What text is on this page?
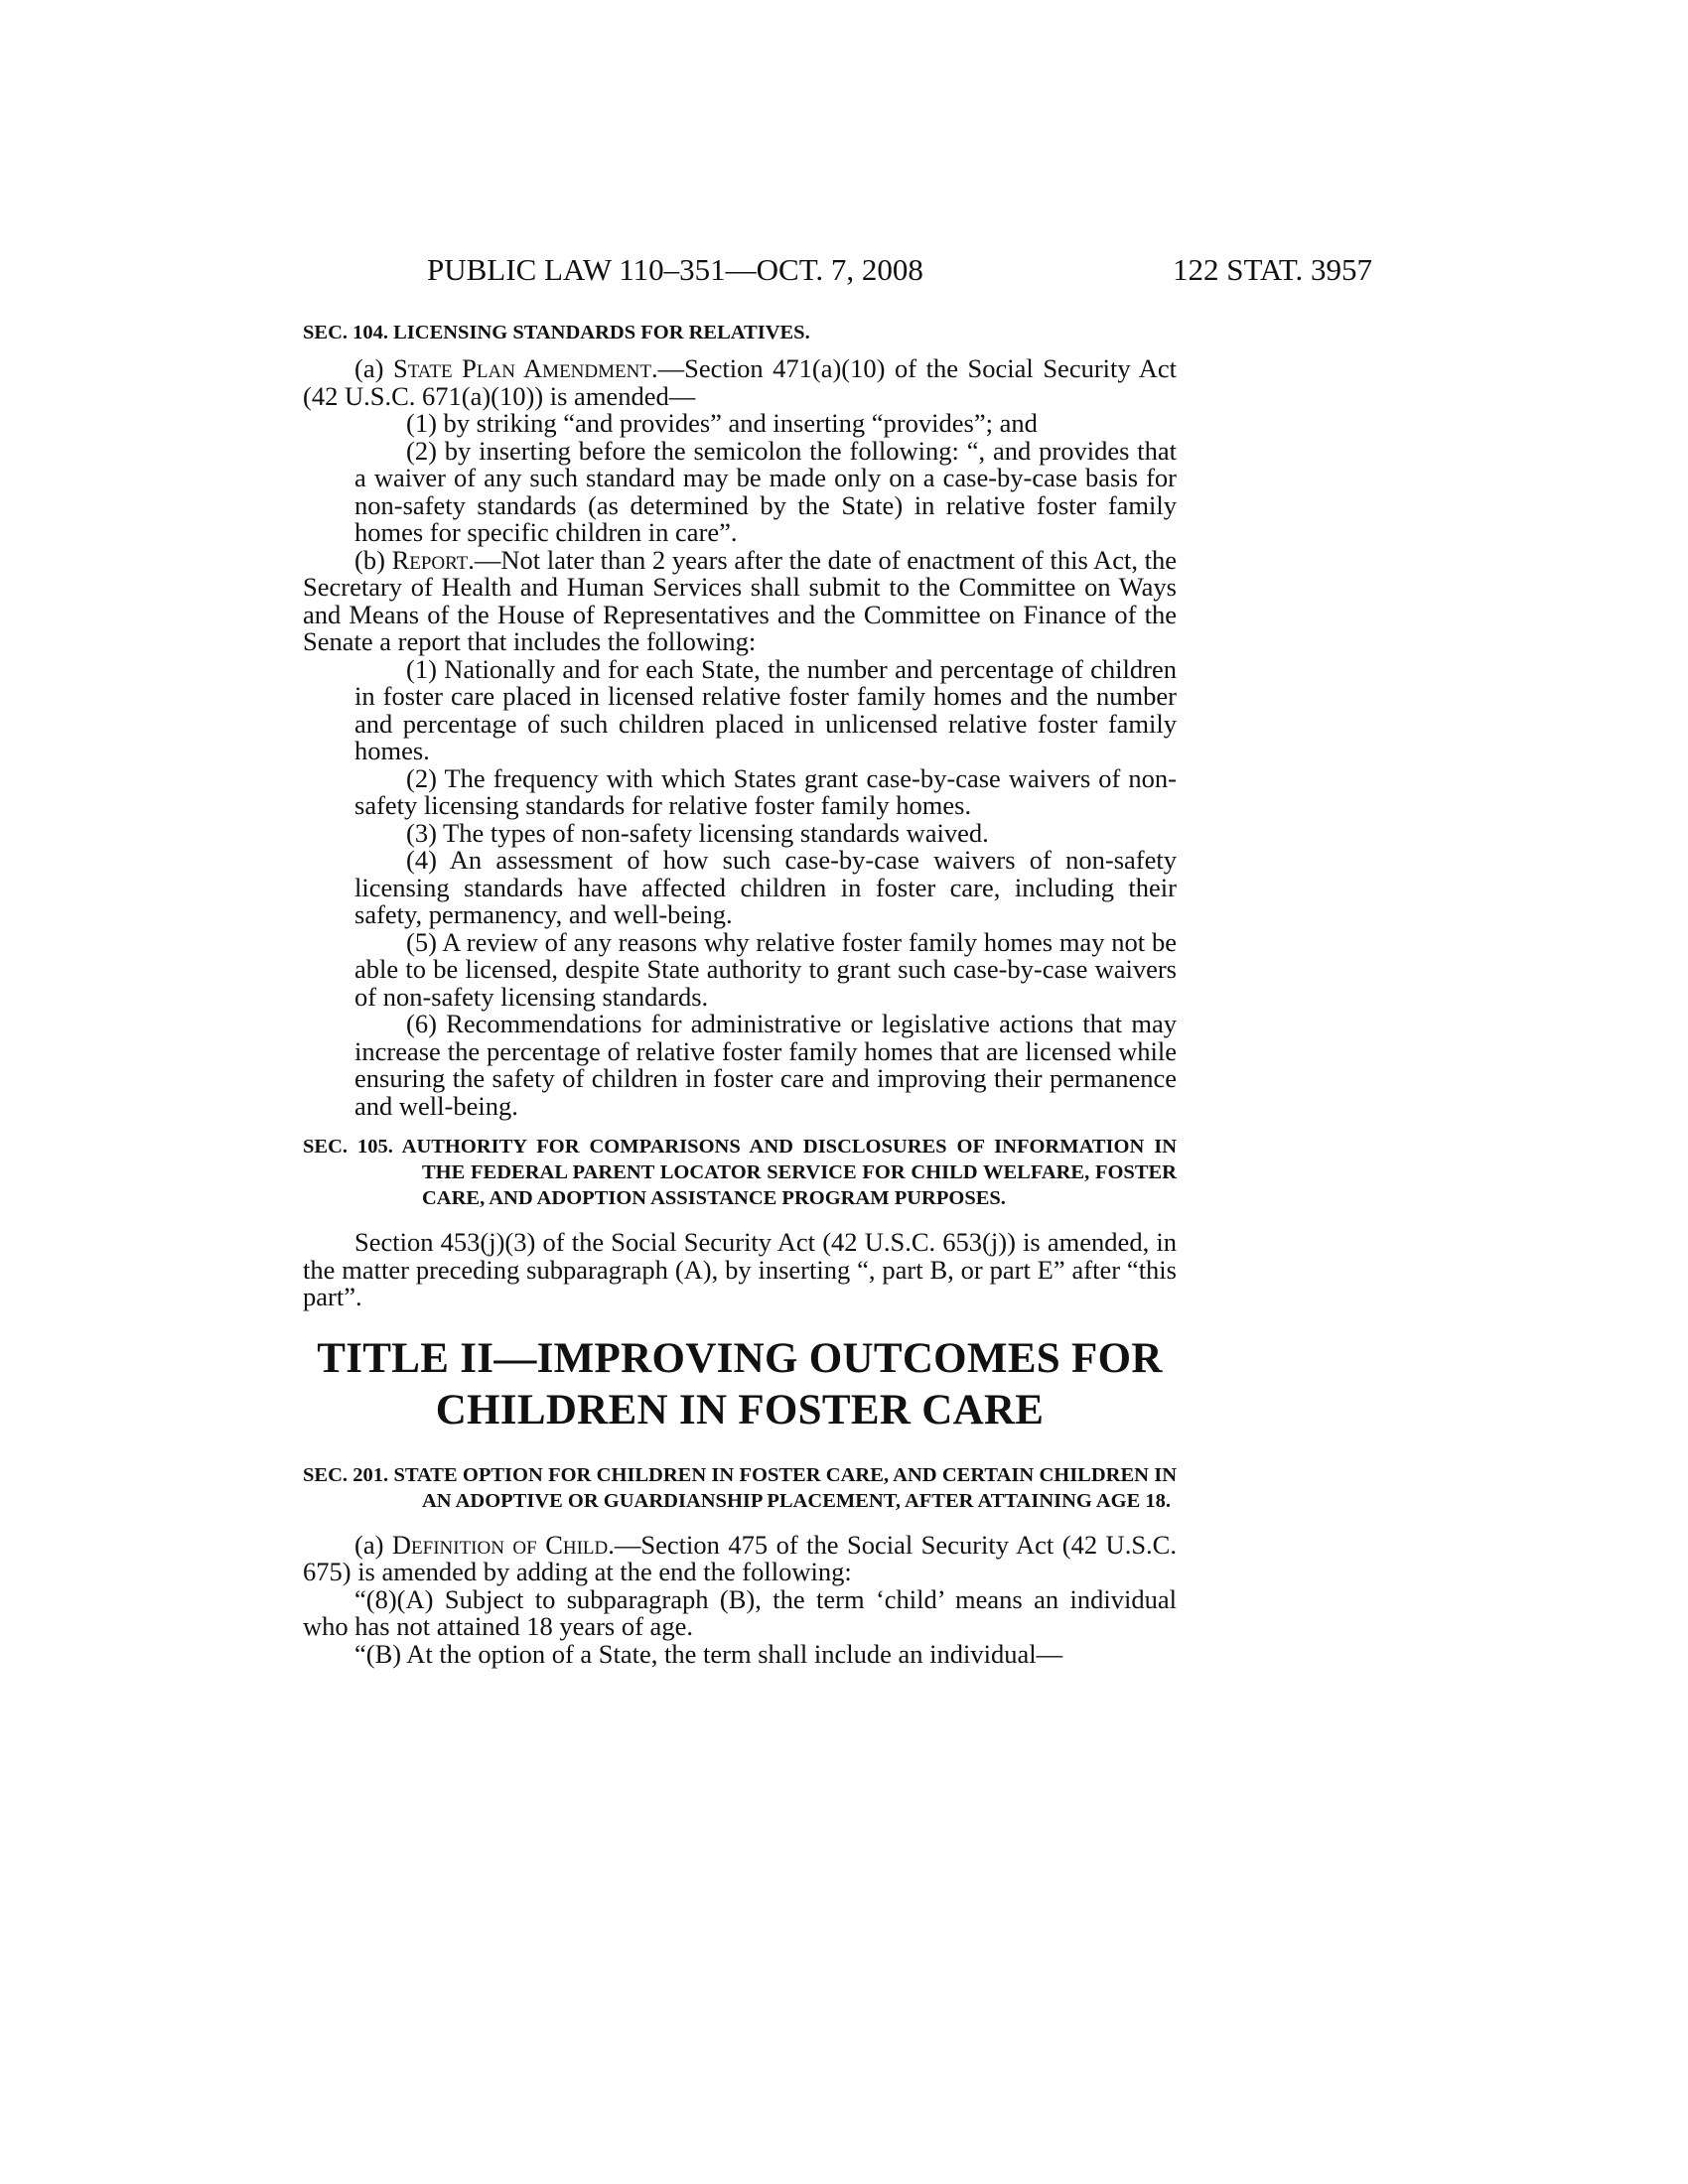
PUBLIC LAW 110–351—OCT. 7, 2008	122 STAT. 3957
SEC. 104. LICENSING STANDARDS FOR RELATIVES.

(a) State Plan Amendment.—Section 471(a)(10) of the Social Security Act (42 U.S.C. 671(a)(10)) is amended—

(1) by striking “and provides” and inserting “provides”; and

(2) by inserting before the semicolon the following: “, and provides that a waiver of any such standard may be made only on a case-by-case basis for non-safety standards (as determined by the State) in relative foster family homes for specific children in care”.

(b) Report.—Not later than 2 years after the date of enactment of this Act, the Secretary of Health and Human Services shall submit to the Committee on Ways and Means of the House of Representatives and the Committee on Finance of the Senate a report that includes the following:

(1) Nationally and for each State, the number and percentage of children in foster care placed in licensed relative foster family homes and the number and percentage of such children placed in unlicensed relative foster family homes.

(2) The frequency with which States grant case-by-case waivers of non-safety licensing standards for relative foster family homes.

(3) The types of non-safety licensing standards waived.

(4) An assessment of how such case-by-case waivers of non-safety licensing standards have affected children in foster care, including their safety, permanency, and well-being.

(5) A review of any reasons why relative foster family homes may not be able to be licensed, despite State authority to grant such case-by-case waivers of non-safety licensing standards.

(6) Recommendations for administrative or legislative actions that may increase the percentage of relative foster family homes that are licensed while ensuring the safety of children in foster care and improving their permanence and well-being.

SEC. 105. AUTHORITY FOR COMPARISONS AND DISCLOSURES OF INFORMATION IN THE FEDERAL PARENT LOCATOR SERVICE FOR CHILD WELFARE, FOSTER CARE, AND ADOPTION ASSISTANCE PROGRAM PURPOSES.

Section 453(j)(3) of the Social Security Act (42 U.S.C. 653(j)) is amended, in the matter preceding subparagraph (A), by inserting “, part B, or part E” after “this part”.

TITLE II—IMPROVING OUTCOMES FOR
CHILDREN IN FOSTER CARE
SEC. 201. STATE OPTION FOR CHILDREN IN FOSTER CARE, AND CERTAIN CHILDREN IN AN ADOPTIVE OR GUARDIANSHIP PLACEMENT, AFTER ATTAINING AGE 18.

(a) Definition of Child.—Section 475 of the Social Security Act (42 U.S.C. 675) is amended by adding at the end the following:

“(8)(A) Subject to subparagraph (B), the term ‘child’ means an individual who has not attained 18 years of age.

“(B) At the option of a State, the term shall include an individual—
